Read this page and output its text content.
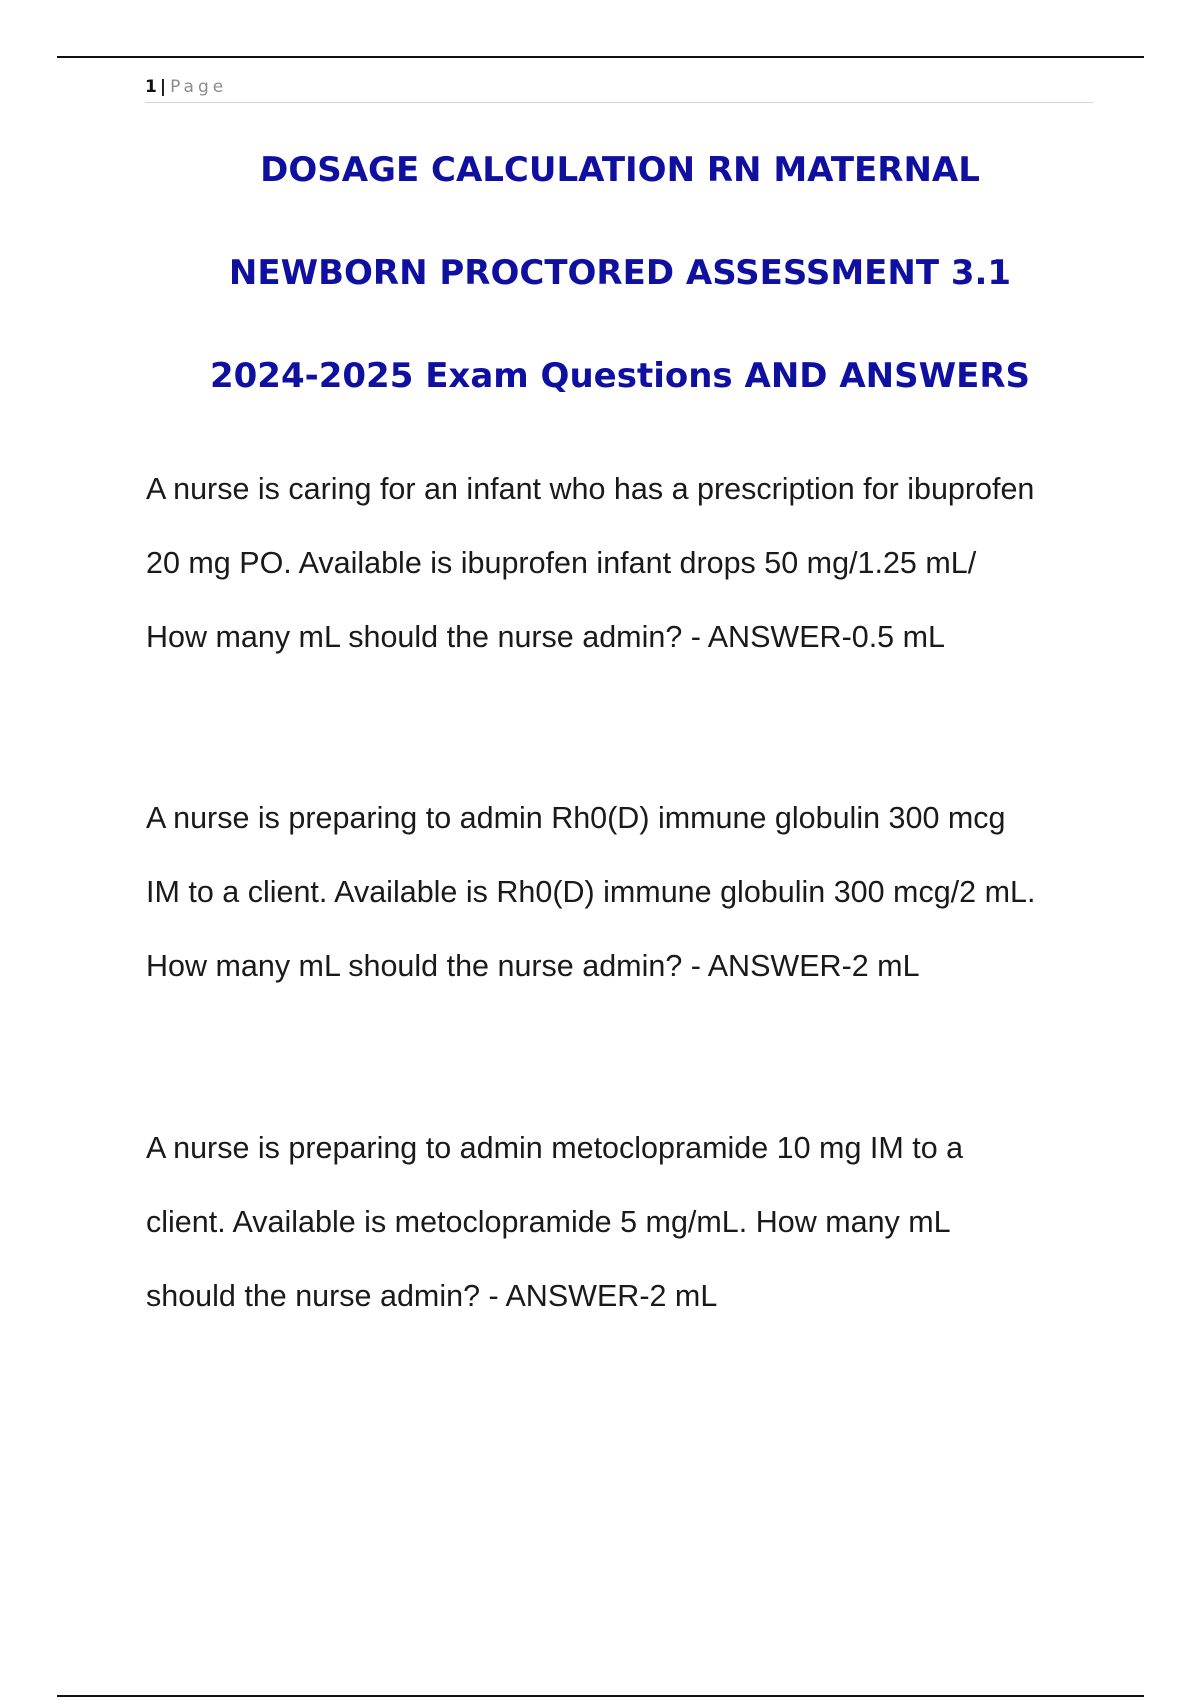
1 | Page
DOSAGE CALCULATION RN MATERNAL
NEWBORN PROCTORED ASSESSMENT 3.1
2024-2025 Exam Questions AND ANSWERS
A nurse is caring for an infant who has a prescription for ibuprofen
20 mg PO. Available is ibuprofen infant drops 50 mg/1.25 mL/
How many mL should the nurse admin? - ANSWER-0.5 mL
A nurse is preparing to admin Rh0(D) immune globulin 300 mcg
IM to a client. Available is Rh0(D) immune globulin 300 mcg/2 mL.
How many mL should the nurse admin? - ANSWER-2 mL
A nurse is preparing to admin metoclopramide 10 mg IM to a
client. Available is metoclopramide 5 mg/mL. How many mL
should the nurse admin? - ANSWER-2 mL
